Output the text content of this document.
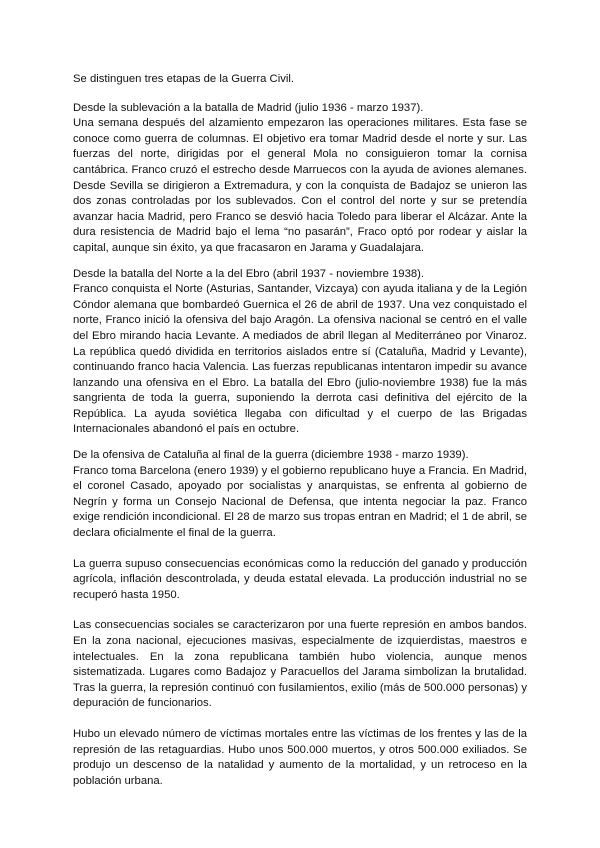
Se distinguen tres etapas de la Guerra Civil.

Desde la sublevación a la batalla de Madrid (julio 1936 - marzo 1937).

Una semana después del alzamiento empezaron las operaciones militares. Esta fase se conoce como guerra de columnas. El objetivo era tomar Madrid desde el norte y sur. Las fuerzas del norte, dirigidas por el general Mola no consiguieron tomar la cornisa cantábrica. Franco cruzó el estrecho desde Marruecos con la ayuda de aviones alemanes. Desde Sevilla se dirigieron a Extremadura, y con la conquista de Badajoz se unieron las dos zonas controladas por los sublevados. Con el control del norte y sur se pretendía avanzar hacia Madrid, pero Franco se desvió hacia Toledo para liberar el Alcázar. Ante la dura resistencia de Madrid bajo el lema “no pasarán”, Fraco optó por rodear y aislar la capital, aunque sin éxito, ya que fracasaron en Jarama y Guadalajara.

Desde la batalla del Norte a la del Ebro (abril 1937 - noviembre 1938).

Franco conquista el Norte (Asturias, Santander, Vizcaya) con ayuda italiana y de la Legión Cóndor alemana que bombardeó Guernica el 26 de abril de 1937. Una vez conquistado el norte, Franco inició la ofensiva del bajo Aragón. La ofensiva nacional se centró en el valle del Ebro mirando hacia Levante. A mediados de abril llegan al Mediterráneo por Vinaroz. La república quedó dividida en territorios aislados entre sí (Cataluña, Madrid y Levante), continuando franco hacia Valencia. Las fuerzas republicanas intentaron impedir su avance lanzando una ofensiva en el Ebro. La batalla del Ebro (julio-noviembre 1938) fue la más sangrienta de toda la guerra, suponiendo la derrota casi definitiva del ejército de la República. La ayuda soviética llegaba con dificultad y el cuerpo de las Brigadas Internacionales abandonó el país en octubre.

De la ofensiva de Cataluña al final de la guerra (diciembre 1938 - marzo 1939).

Franco toma Barcelona (enero 1939) y el gobierno republicano huye a Francia. En Madrid, el coronel Casado, apoyado por socialistas y anarquistas, se enfrenta al gobierno de Negrín y forma un Consejo Nacional de Defensa, que intenta negociar la paz. Franco exige rendición incondicional. El 28 de marzo sus tropas entran en Madrid; el 1 de abril, se declara oficialmente el final de la guerra.

La guerra supuso consecuencias económicas como la reducción del ganado y producción agrícola, inflación descontrolada, y deuda estatal elevada. La producción industrial no se recuperó hasta 1950.

Las consecuencias sociales se caracterizaron por una fuerte represión en ambos bandos. En la zona nacional, ejecuciones masivas, especialmente de izquierdistas, maestros e intelectuales. En la zona republicana también hubo violencia, aunque menos sistematizada. Lugares como Badajoz y Paracuellos del Jarama simbolizan la brutalidad. Tras la guerra, la represión continuó con fusilamientos, exilio (más de 500.000 personas) y depuración de funcionarios.

Hubo un elevado número de víctimas mortales entre las víctimas de los frentes y las de la represión de las retaguardias. Hubo unos 500.000 muertos, y otros 500.000 exiliados. Se produjo un descenso de la natalidad y aumento de la mortalidad, y un retroceso en la población urbana.
